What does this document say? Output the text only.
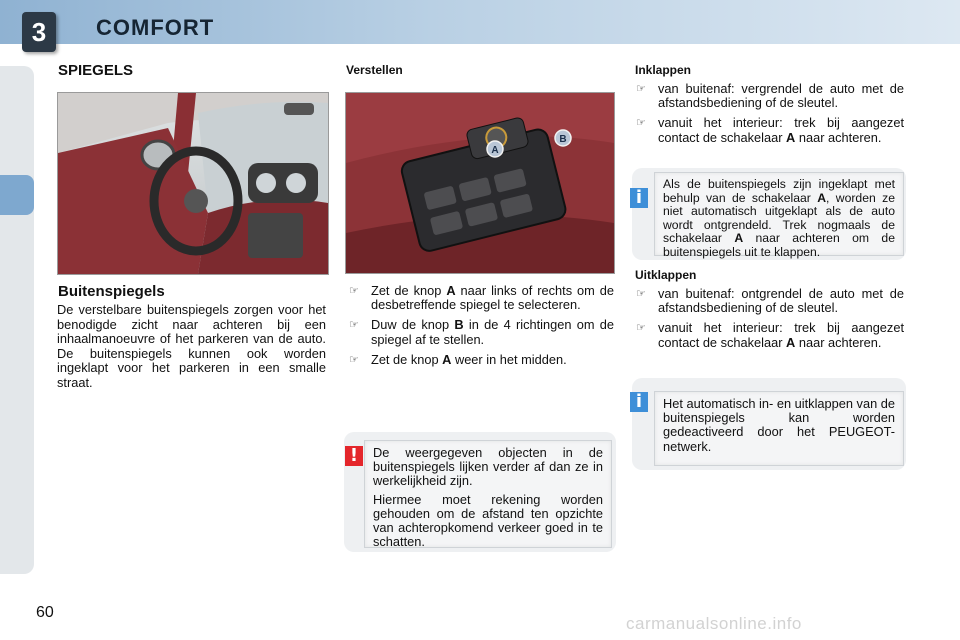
3	COMFORT
SPIEGELS
Buitenspiegels
De verstelbare buitenspiegels zorgen voor het benodigde zicht naar achteren bij een inhaalmanoeuvre of het parkeren van de auto. De buitenspiegels kunnen ook worden ingeklapt voor het parkeren in een smalle straat.
Verstellen
A
B
☞ Zet de knop A naar links of rechts om de desbetreffende spiegel te selecteren.
☞ Duw de knop B in de 4 richtingen om de spiegel af te stellen.
☞ Zet de knop A weer in het midden.
!	De weergegeven objecten in de buitenspiegels lijken verder af dan ze in werkelijkheid zijn.

Hiermee moet rekening worden gehouden om de afstand ten opzichte van achteropkomend verkeer goed in te schatten.

Inklappen
☞ van buitenaf: vergrendel de auto met de afstandsbediening of de sleutel.
☞ vanuit het interieur: trek bij aangezet contact de schakelaar A naar achteren.
i
Als de buitenspiegels zijn ingeklapt met behulp van de schakelaar A, worden ze niet automatisch uitgeklapt als de auto wordt ontgrendeld. Trek nogmaals de schakelaar A naar achteren om de buitenspiegels uit te klappen.
Uitklappen
☞ van buitenaf: ontgrendel de auto met de afstandsbediening of de sleutel.
☞ vanuit het interieur: trek bij aangezet contact de schakelaar A naar achteren.
i	Het automatisch in- en uitklappen van de buitenspiegels kan worden gedeactiveerd door het PEUGEOT-netwerk.
60
carmanualsonline.info
